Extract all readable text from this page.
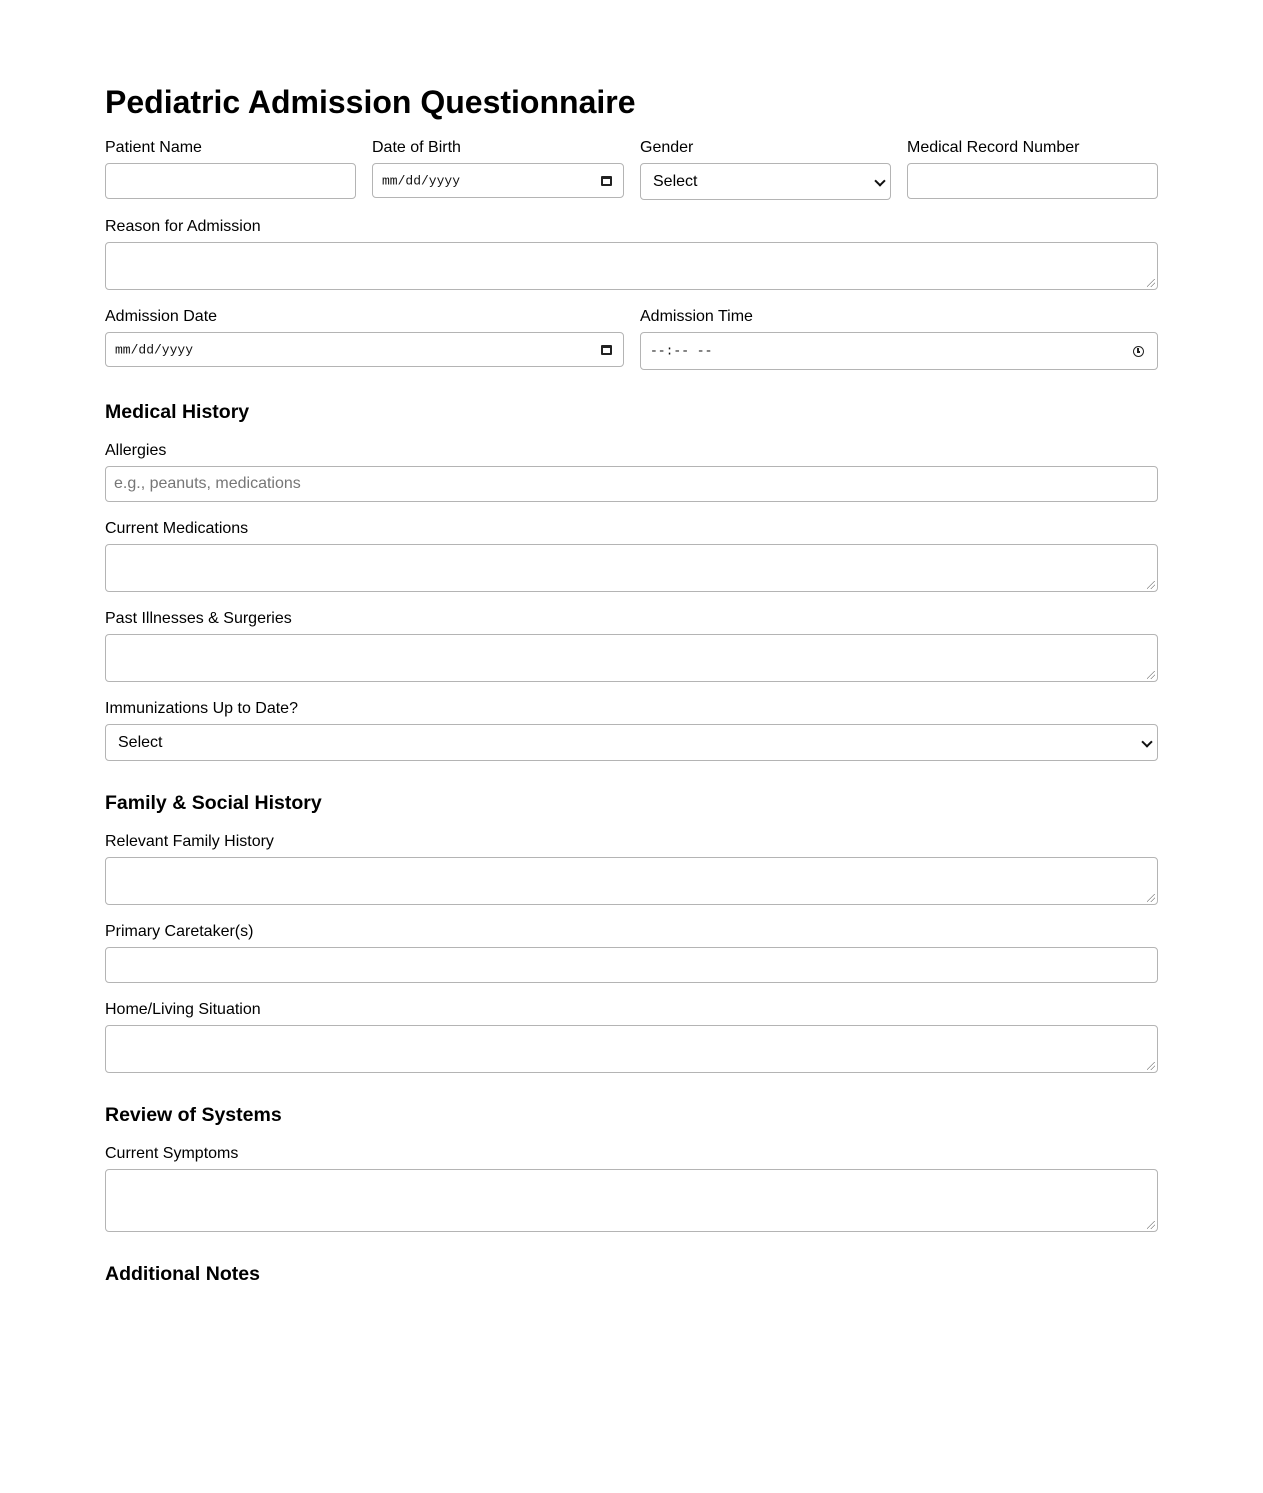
Pediatric Admission Questionnaire
Patient Name	Date of Birth
mm/dd/yyyy
Gender
Select
Medical Record Number
Reason for Admission
Admission Date
mm/dd/yyyy
Admission Time
--:-- --
Medical History
Allergies
e.g., peanuts, medications
Current Medications
Past Illnesses & Surgeries
Immunizations Up to Date?
Select
Family & Social History
Relevant Family History
Primary Caretaker(s)
Home/Living Situation
Review of Systems
Current Symptoms
Additional Notes
